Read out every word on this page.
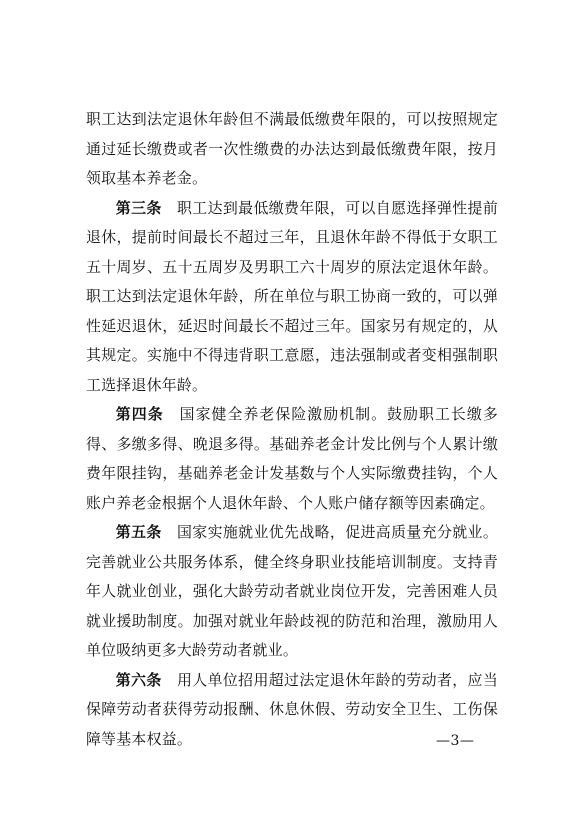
职工达到法定退休年龄但不满最低缴费年限的，可以按照规定通过延长缴费或者一次性缴费的办法达到最低缴费年限，按月领取基本养老金。

第三条　职工达到最低缴费年限，可以自愿选择弹性提前退休，提前时间最长不超过三年，且退休年龄不得低于女职工五十周岁、五十五周岁及男职工六十周岁的原法定退休年龄。职工达到法定退休年龄，所在单位与职工协商一致的，可以弹性延迟退休，延迟时间最长不超过三年。国家另有规定的，从其规定。实施中不得违背职工意愿，违法强制或者变相强制职工选择退休年龄。

第四条　国家健全养老保险激励机制。鼓励职工长缴多得、多缴多得、晚退多得。基础养老金计发比例与个人累计缴费年限挂钩，基础养老金计发基数与个人实际缴费挂钩，个人账户养老金根据个人退休年龄、个人账户储存额等因素确定。

第五条　国家实施就业优先战略，促进高质量充分就业。完善就业公共服务体系，健全终身职业技能培训制度。支持青年人就业创业，强化大龄劳动者就业岗位开发，完善困难人员就业援助制度。加强对就业年龄歧视的防范和治理，激励用人单位吸纳更多大龄劳动者就业。

第六条　用人单位招用超过法定退休年龄的劳动者，应当保障劳动者获得劳动报酬、休息休假、劳动安全卫生、工伤保障等基本权益。	—3—
